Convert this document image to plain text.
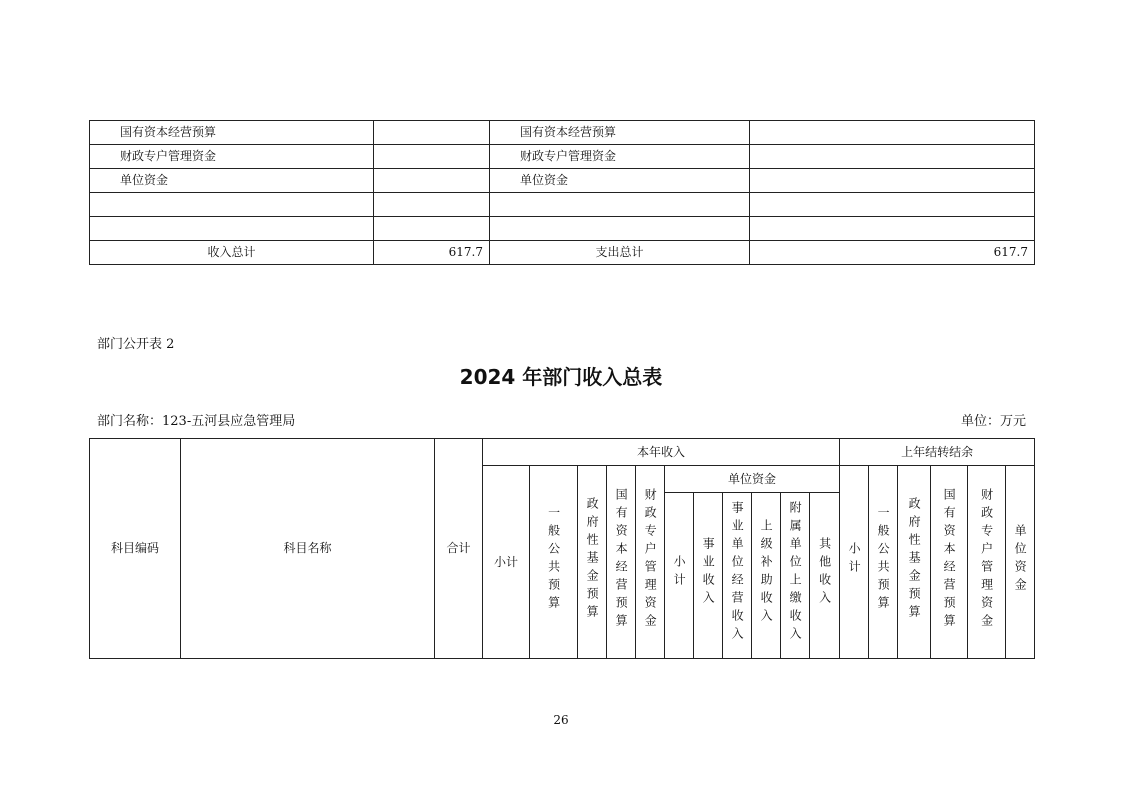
国有资本经营预算		国有资本经营预算	
财政专户管理资金		财政专户管理资金	
单位资金		单位资金	

收入总计	617.7	支出总计	617.7
部门公开表 2
2024 年部门收入总表
部门名称：123-五河县应急管理局	单位：万元
科目编码	科目名称	合计	本年收入											上年结转结余					
			小计	一般公共预算	政府性基金预算	国有资本经营预算	财政专户管理资金	单位资金						小计	一般公共预算	政府性基金预算	国有资本经营预算	财政专户管理资金	单位资金
								小计	事业收入	事业单位经营收入	上级补助收入	附属单位上缴收入	其他收入						
26
